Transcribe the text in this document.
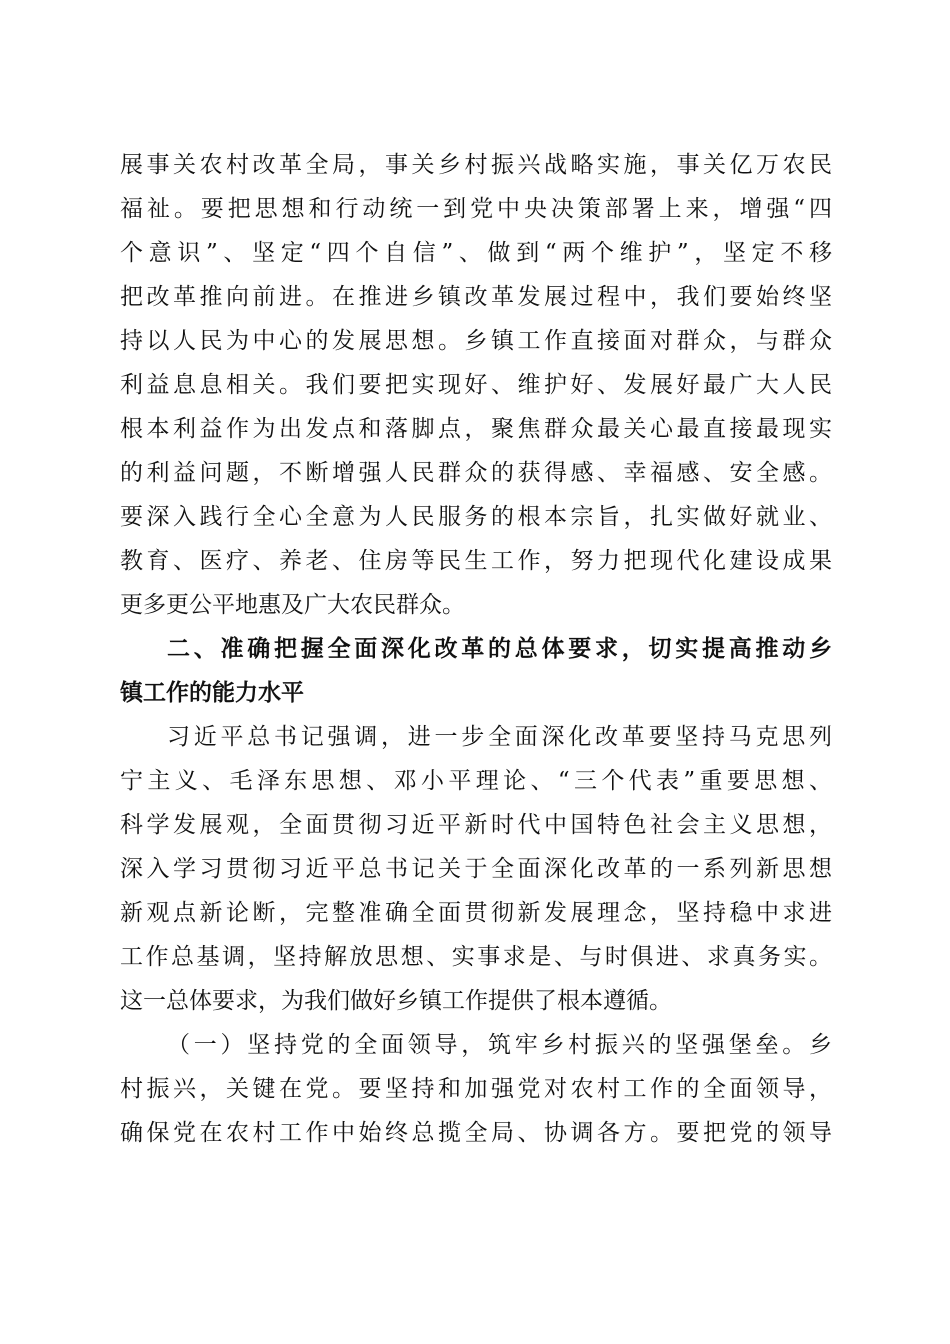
展事关农村改革全局，事关乡村振兴战略实施，事关亿万农民
福祉。要把思想和行动统一到党中央决策部署上来，增强“四
个意识”、坚定“四个自信”、做到“两个维护”，坚定不移
把改革推向前进。在推进乡镇改革发展过程中，我们要始终坚
持以人民为中心的发展思想。乡镇工作直接面对群众，与群众
利益息息相关。我们要把实现好、维护好、发展好最广大人民
根本利益作为出发点和落脚点，聚焦群众最关心最直接最现实
的利益问题，不断增强人民群众的获得感、幸福感、安全感。
要深入践行全心全意为人民服务的根本宗旨，扎实做好就业、
教育、医疗、养老、住房等民生工作，努力把现代化建设成果
更多更公平地惠及广大农民群众。
二、准确把握全面深化改革的总体要求，切实提高推动乡
镇工作的能力水平
习近平总书记强调，进一步全面深化改革要坚持马克思列
宁主义、毛泽东思想、邓小平理论、“三个代表”重要思想、
科学发展观，全面贯彻习近平新时代中国特色社会主义思想，
深入学习贯彻习近平总书记关于全面深化改革的一系列新思想
新观点新论断，完整准确全面贯彻新发展理念，坚持稳中求进
工作总基调，坚持解放思想、实事求是、与时俱进、求真务实。
这一总体要求，为我们做好乡镇工作提供了根本遵循。
（一）坚持党的全面领导，筑牢乡村振兴的坚强堡垒。乡
村振兴，关键在党。要坚持和加强党对农村工作的全面领导，
确保党在农村工作中始终总揽全局、协调各方。要把党的领导
